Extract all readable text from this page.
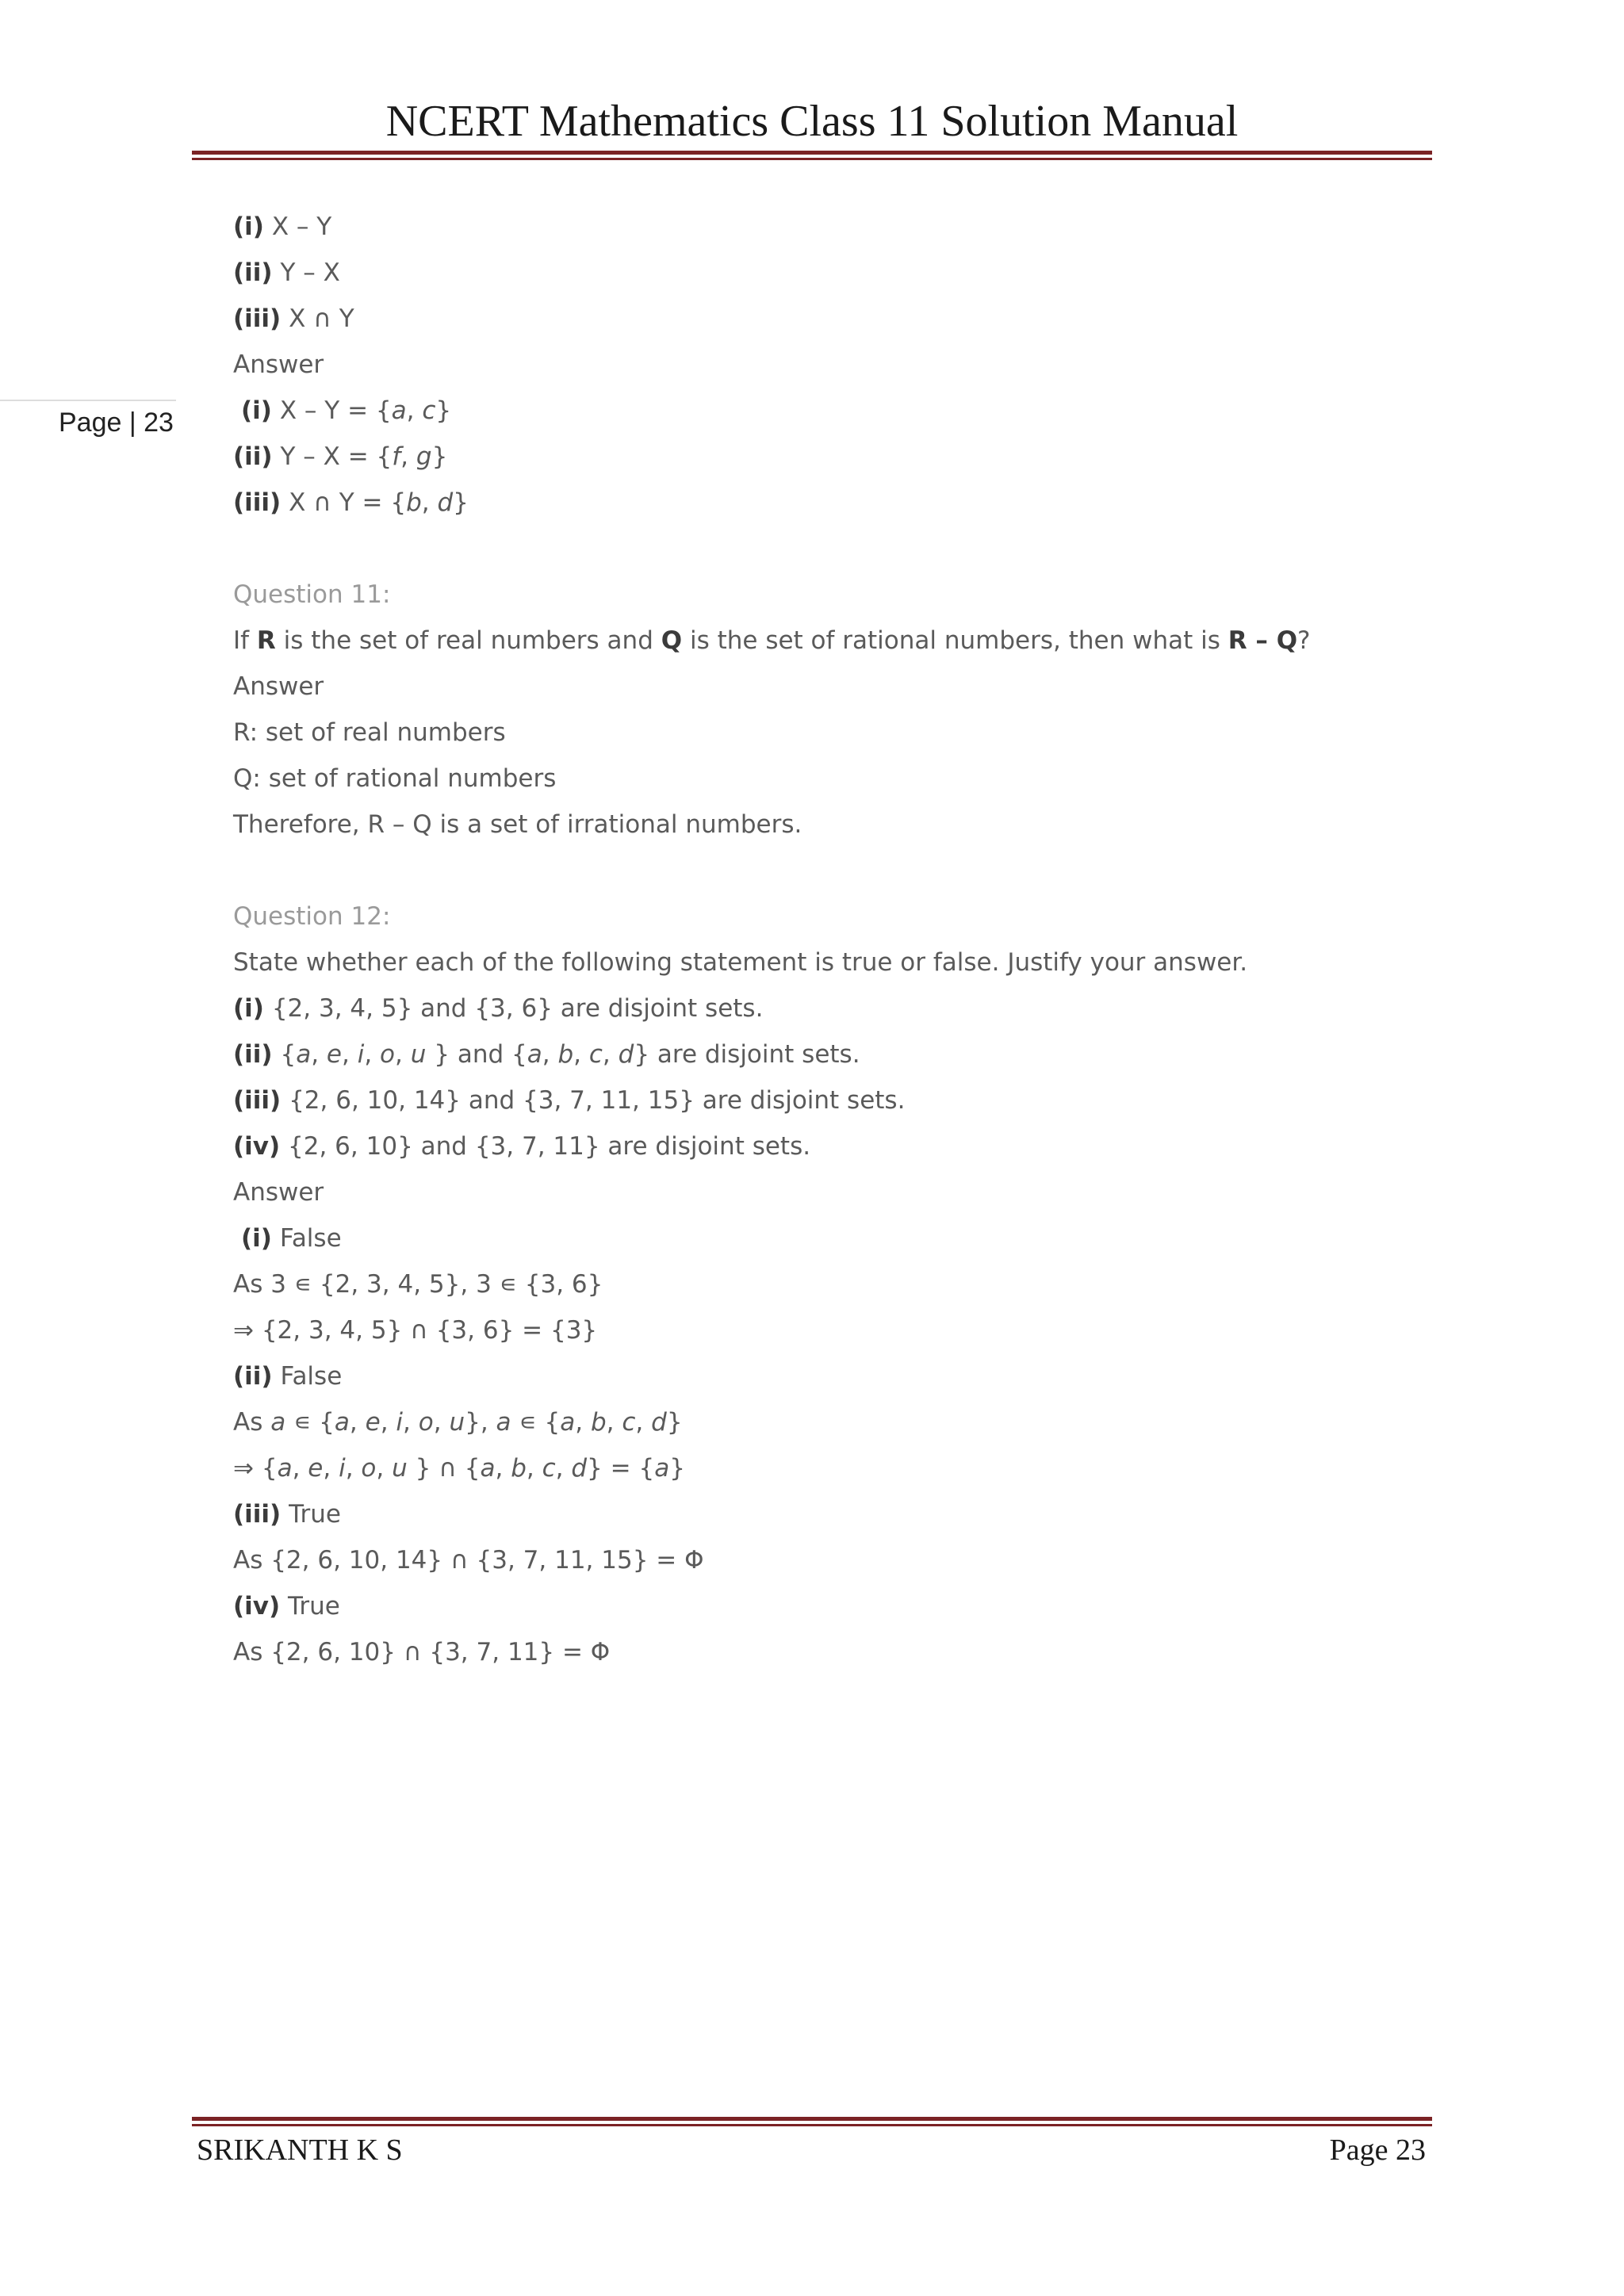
NCERT Mathematics Class 11 Solution Manual
Page | 23
(i) X – Y
(ii) Y – X
(iii) X ∩ Y
Answer
(i) X – Y = {a, c}
(ii) Y – X = {f, g}
(iii) X ∩ Y = {b, d}
Question 11:
If R is the set of real numbers and Q is the set of rational numbers, then what is R – Q?
Answer
R: set of real numbers
Q: set of rational numbers
Therefore, R – Q is a set of irrational numbers.
Question 12:
State whether each of the following statement is true or false. Justify your answer.
(i) {2, 3, 4, 5} and {3, 6} are disjoint sets.
(ii) {a, e, i, o, u } and {a, b, c, d} are disjoint sets.
(iii) {2, 6, 10, 14} and {3, 7, 11, 15} are disjoint sets.
(iv) {2, 6, 10} and {3, 7, 11} are disjoint sets.
Answer
(i) False
As 3 ∊ {2, 3, 4, 5}, 3 ∊ {3, 6}
⇒ {2, 3, 4, 5} ∩ {3, 6} = {3}
(ii) False
As a ∊ {a, e, i, o, u}, a ∊ {a, b, c, d}
⇒ {a, e, i, o, u } ∩ {a, b, c, d} = {a}
(iii) True
As {2, 6, 10, 14} ∩ {3, 7, 11, 15} = Φ
(iv) True
As {2, 6, 10} ∩ {3, 7, 11} = Φ
SRIKANTH K S	Page 23
